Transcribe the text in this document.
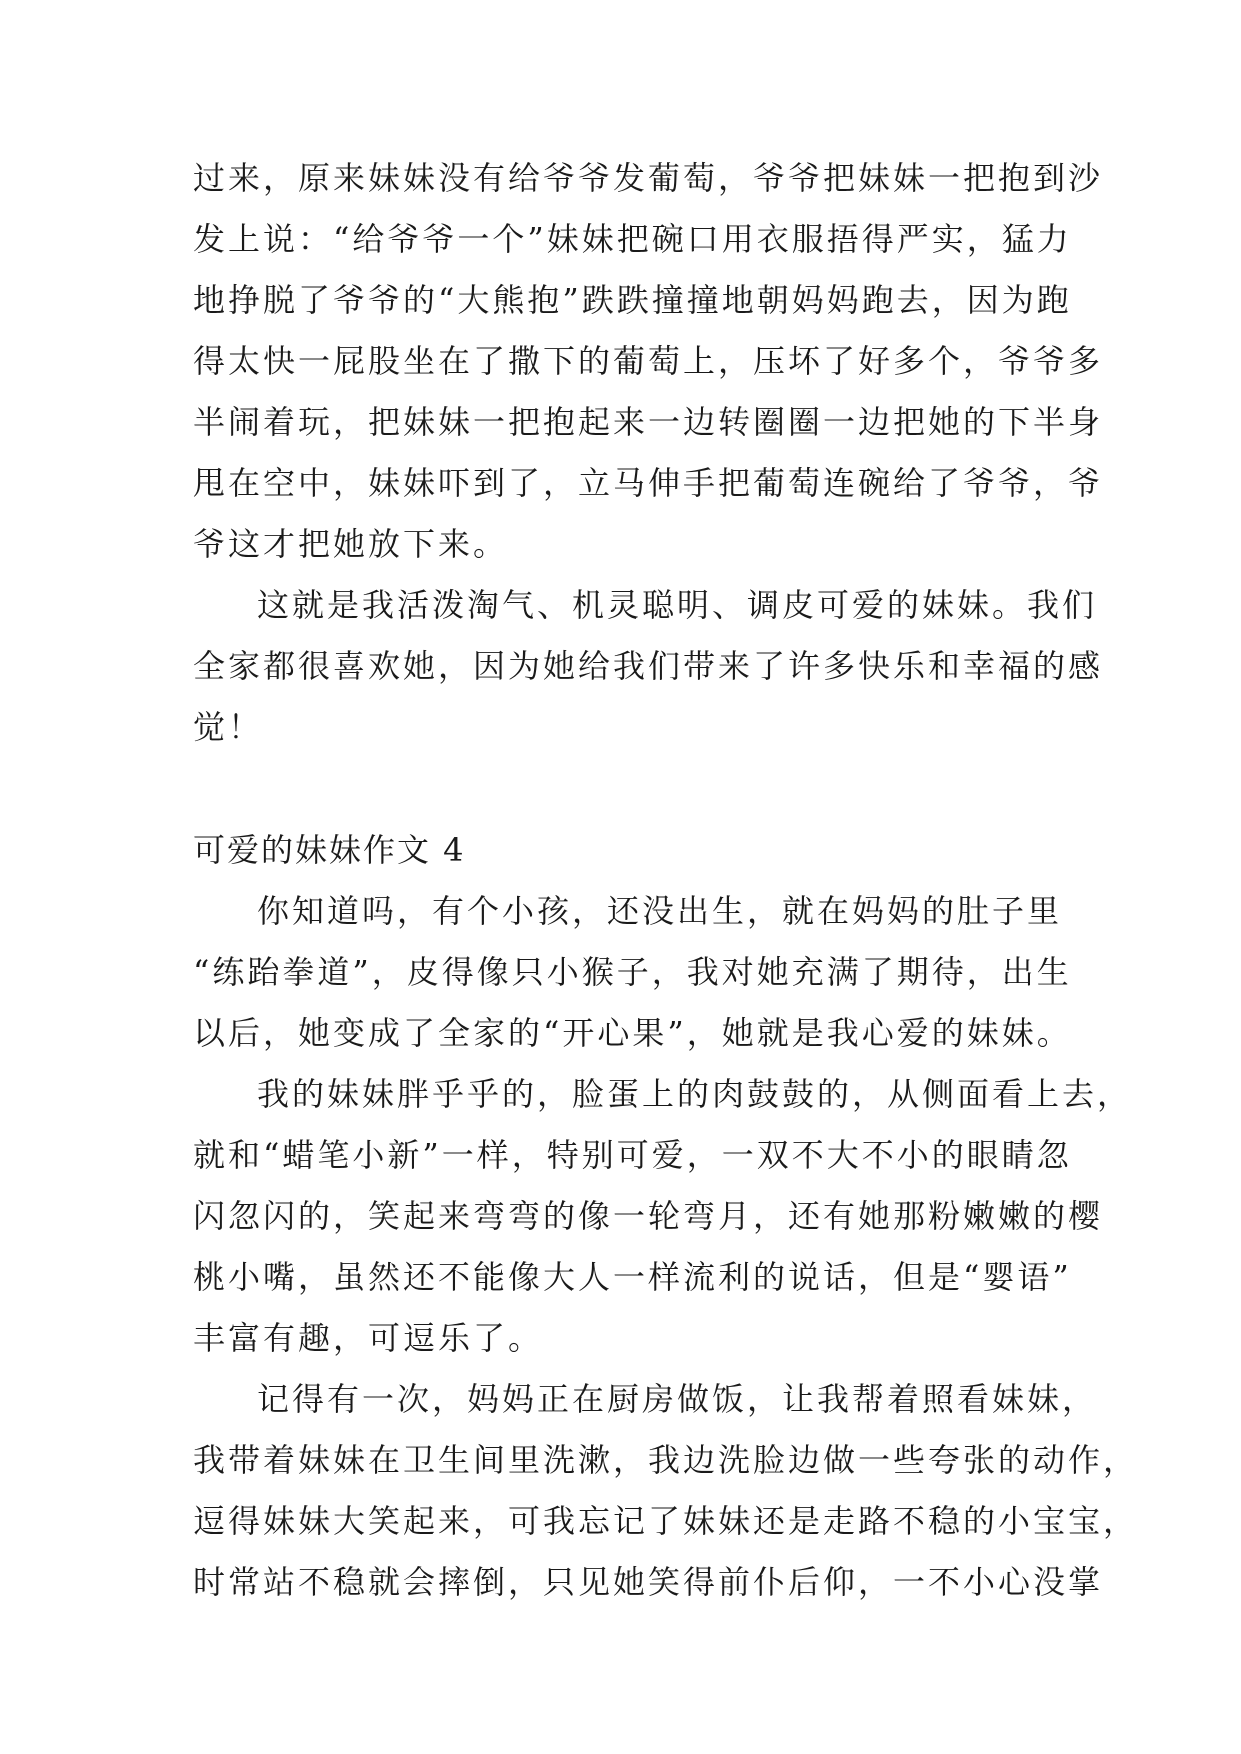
过来，原来妹妹没有给爷爷发葡萄，爷爷把妹妹一把抱到沙

发上说：“给爷爷一个”妹妹把碗口用衣服捂得严实，猛力

地挣脱了爷爷的“大熊抱”跌跌撞撞地朝妈妈跑去，因为跑

得太快一屁股坐在了撒下的葡萄上，压坏了好多个，爷爷多

半闹着玩，把妹妹一把抱起来一边转圈圈一边把她的下半身

甩在空中，妹妹吓到了，立马伸手把葡萄连碗给了爷爷，爷

爷这才把她放下来。

这就是我活泼淘气、机灵聪明、调皮可爱的妹妹。我们

全家都很喜欢她，因为她给我们带来了许多快乐和幸福的感

觉！

可爱的妹妹作文 4

你知道吗，有个小孩，还没出生，就在妈妈的肚子里

“练跆拳道”，皮得像只小猴子，我对她充满了期待，出生

以后，她变成了全家的“开心果”，她就是我心爱的妹妹。

我的妹妹胖乎乎的，脸蛋上的肉鼓鼓的，从侧面看上去，

就和“蜡笔小新”一样，特别可爱，一双不大不小的眼睛忽

闪忽闪的，笑起来弯弯的像一轮弯月，还有她那粉嫩嫩的樱

桃小嘴，虽然还不能像大人一样流利的说话，但是“婴语”

丰富有趣，可逗乐了。

记得有一次，妈妈正在厨房做饭，让我帮着照看妹妹，

我带着妹妹在卫生间里洗漱，我边洗脸边做一些夸张的动作，

逗得妹妹大笑起来，可我忘记了妹妹还是走路不稳的小宝宝，

时常站不稳就会摔倒，只见她笑得前仆后仰，一不小心没掌
